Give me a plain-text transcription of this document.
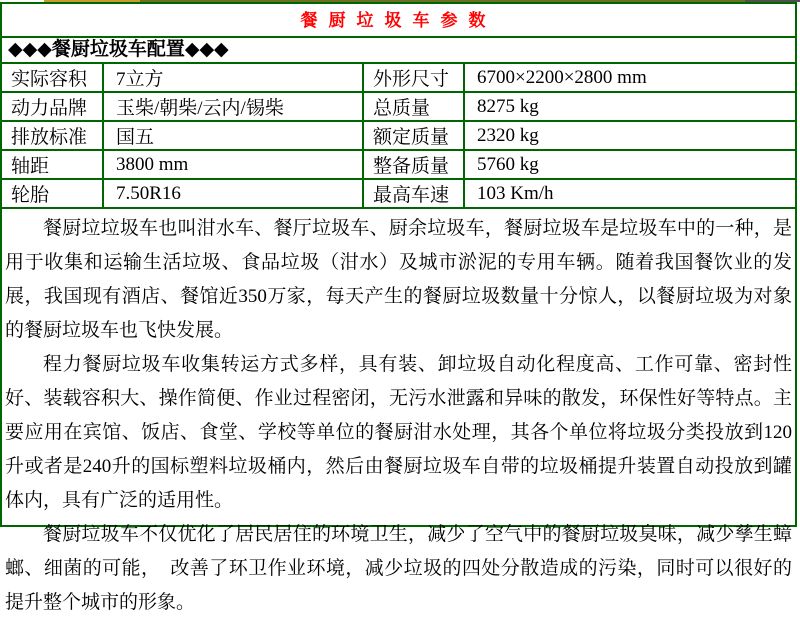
餐厨垃圾车参数
◆◆◆餐厨垃圾车配置◆◆◆
实际容积	7立方	外形尺寸	6700×2200×2800 mm
动力品牌	玉柴/朝柴/云内/锡柴	总质量	8275 kg
排放标准	国五	额定质量	2320 kg
轴距	3800 mm	整备质量	5760 kg
轮胎	7.50R16	最高车速	103 Km/h

餐厨垃垃圾车也叫泔水车、餐厅垃圾车、厨余垃圾车，餐厨垃圾车是垃圾车中的一种，是用于收集和运输生活垃圾、食品垃圾（泔水）及城市淤泥的专用车辆。随着我国餐饮业的发展，我国现有酒店、餐馆近350万家，每天产生的餐厨垃圾数量十分惊人，以餐厨垃圾为对象的餐厨垃圾车也飞快发展。

程力餐厨垃圾车收集转运方式多样，具有装、卸垃圾自动化程度高、工作可靠、密封性好、装载容积大、操作简便、作业过程密闭，无污水泄露和异味的散发，环保性好等特点。主要应用在宾馆、饭店、食堂、学校等单位的餐厨泔水处理，其各个单位将垃圾分类投放到120升或者是240升的国标塑料垃圾桶内，然后由餐厨垃圾车自带的垃圾桶提升装置自动投放到罐体内，具有广泛的适用性。

餐厨垃圾车不仅优化了居民居住的环境卫生，减少了空气中的餐厨垃圾臭味，减少孳生蟑螂、细菌的可能，　改善了环卫作业环境，减少垃圾的四处分散造成的污染，同时可以很好的提升整个城市的形象。
